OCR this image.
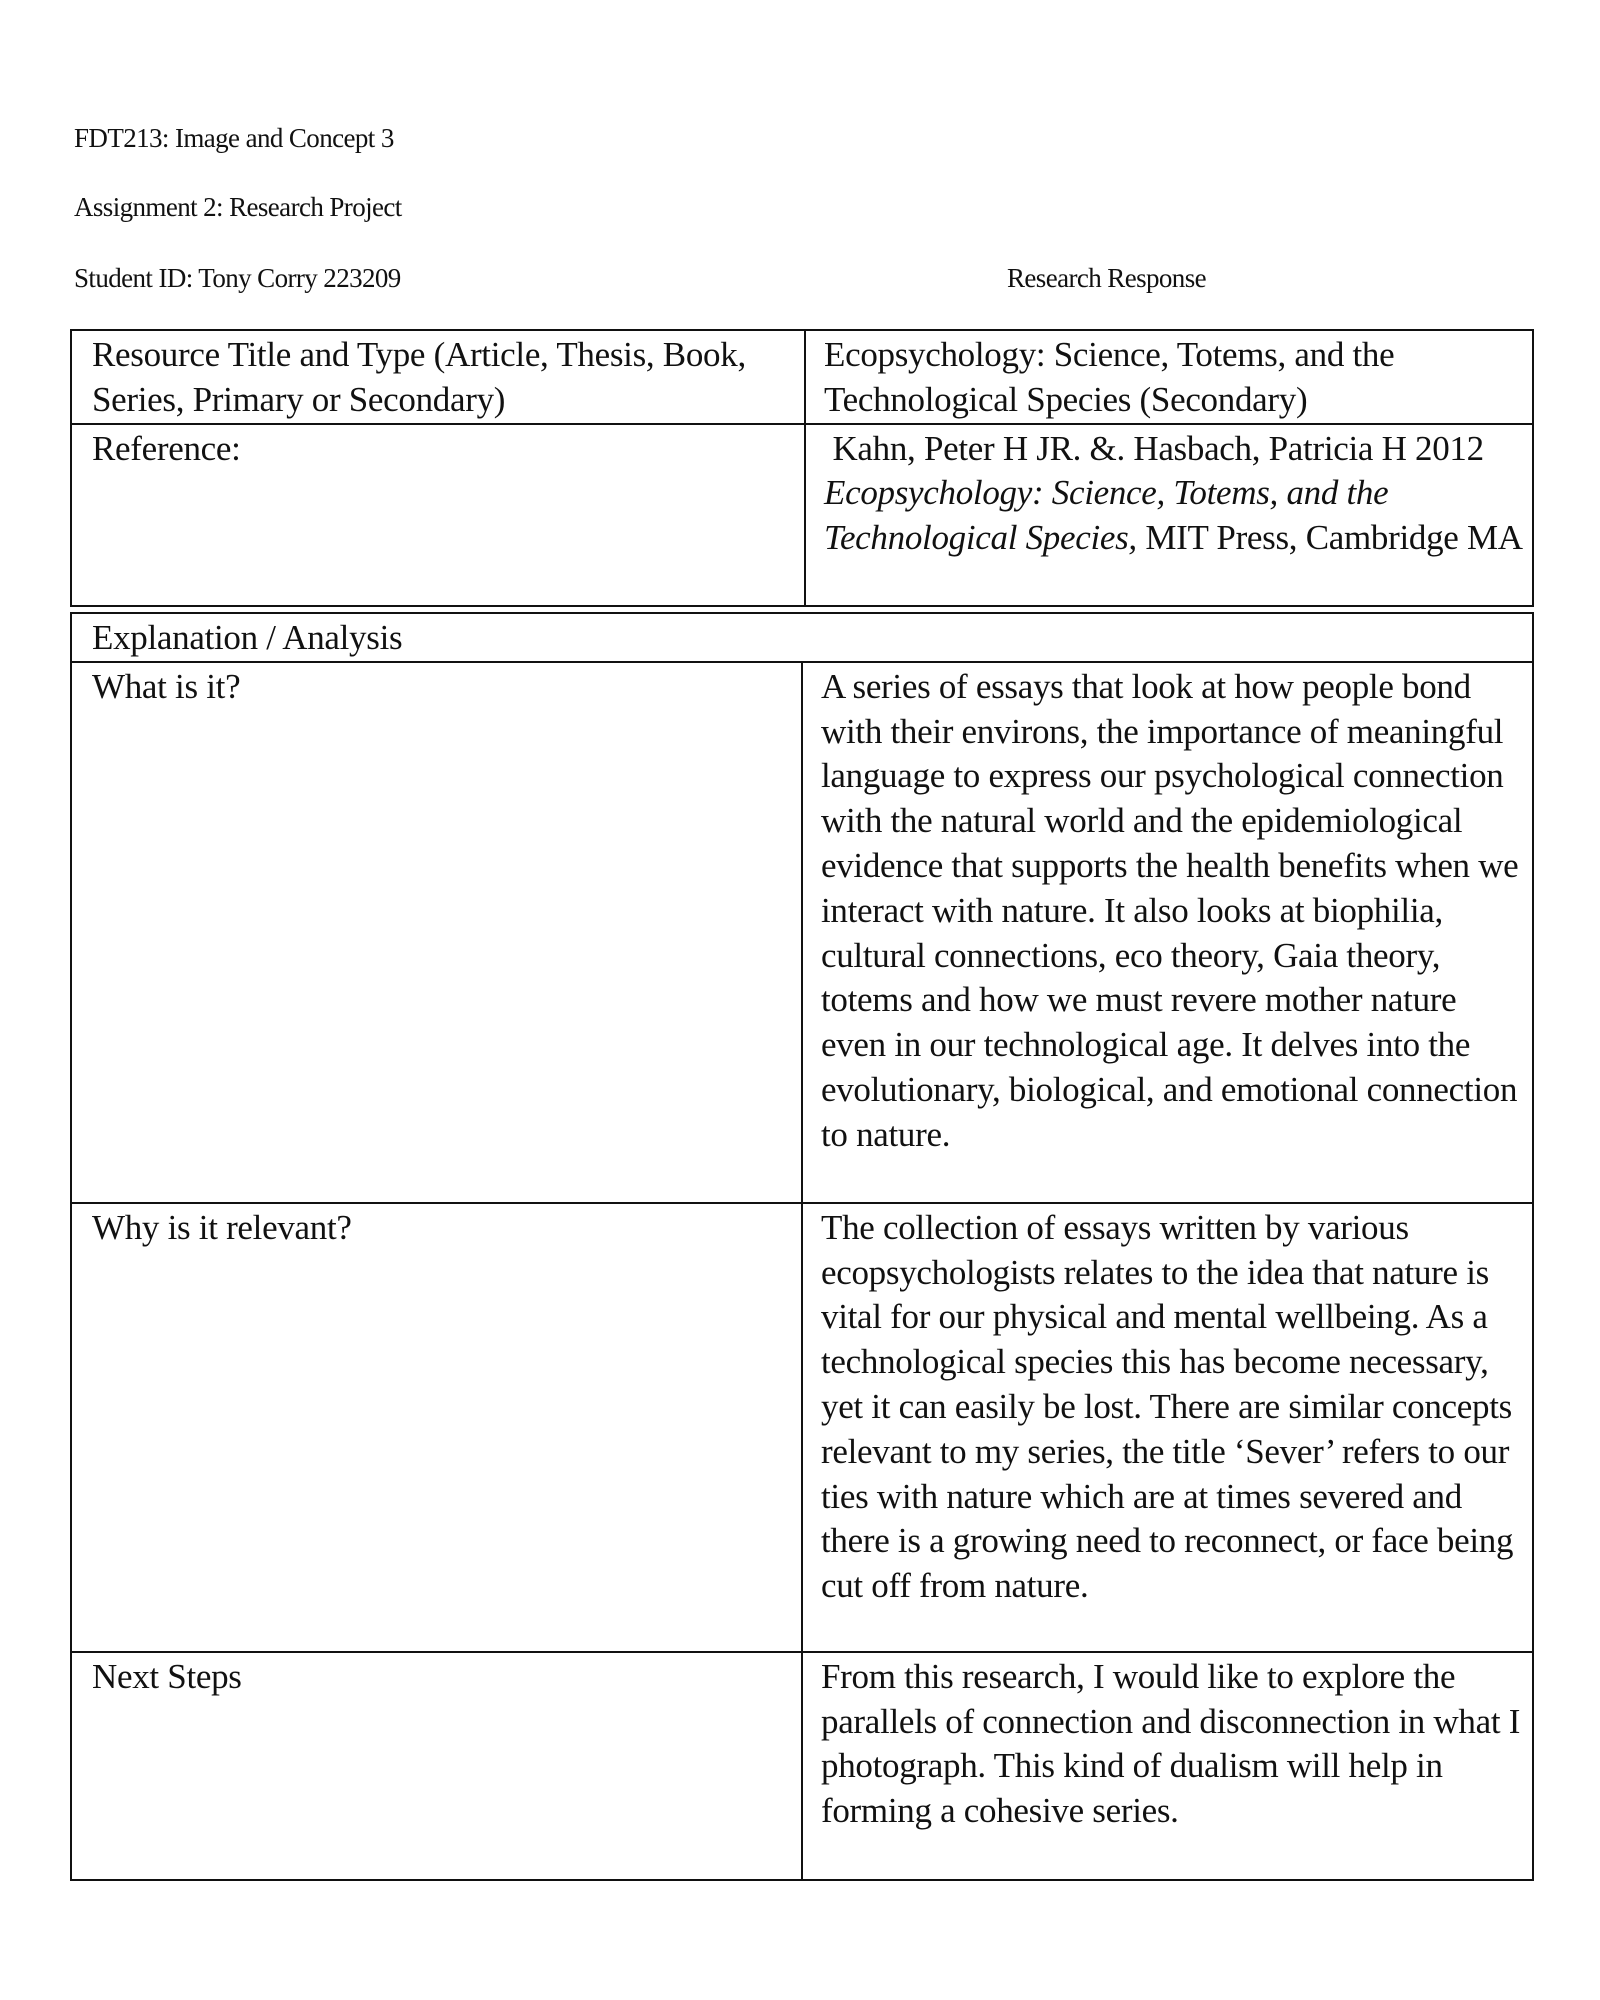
FDT213: Image and Concept 3
Assignment 2: Research Project
Student ID: Tony Corry 223209	Research Response
Resource Title and Type (Article, Thesis, Book, Series, Primary or Secondary)	Ecopsychology: Science, Totems, and the Technological Species (Secondary)
Reference:	Kahn, Peter H JR. &. Hasbach, Patricia H 2012 Ecopsychology: Science, Totems, and the Technological Species, MIT Press, Cambridge MA
Explanation / Analysis	
What is it?	A series of essays that look at how people bond with their environs, the importance of meaningful language to express our psychological connection with the natural world and the epidemiological evidence that supports the health benefits when we interact with nature. It also looks at biophilia, cultural connections, eco theory, Gaia theory, totems and how we must revere mother nature even in our technological age. It delves into the evolutionary, biological, and emotional connection to nature.
Why is it relevant?	The collection of essays written by various ecopsychologists relates to the idea that nature is vital for our physical and mental wellbeing. As a technological species this has become necessary, yet it can easily be lost. There are similar concepts relevant to my series, the title ‘Sever’ refers to our ties with nature which are at times severed and there is a growing need to reconnect, or face being cut off from nature.
Next Steps	From this research, I would like to explore the parallels of connection and disconnection in what I photograph. This kind of dualism will help in forming a cohesive series.
